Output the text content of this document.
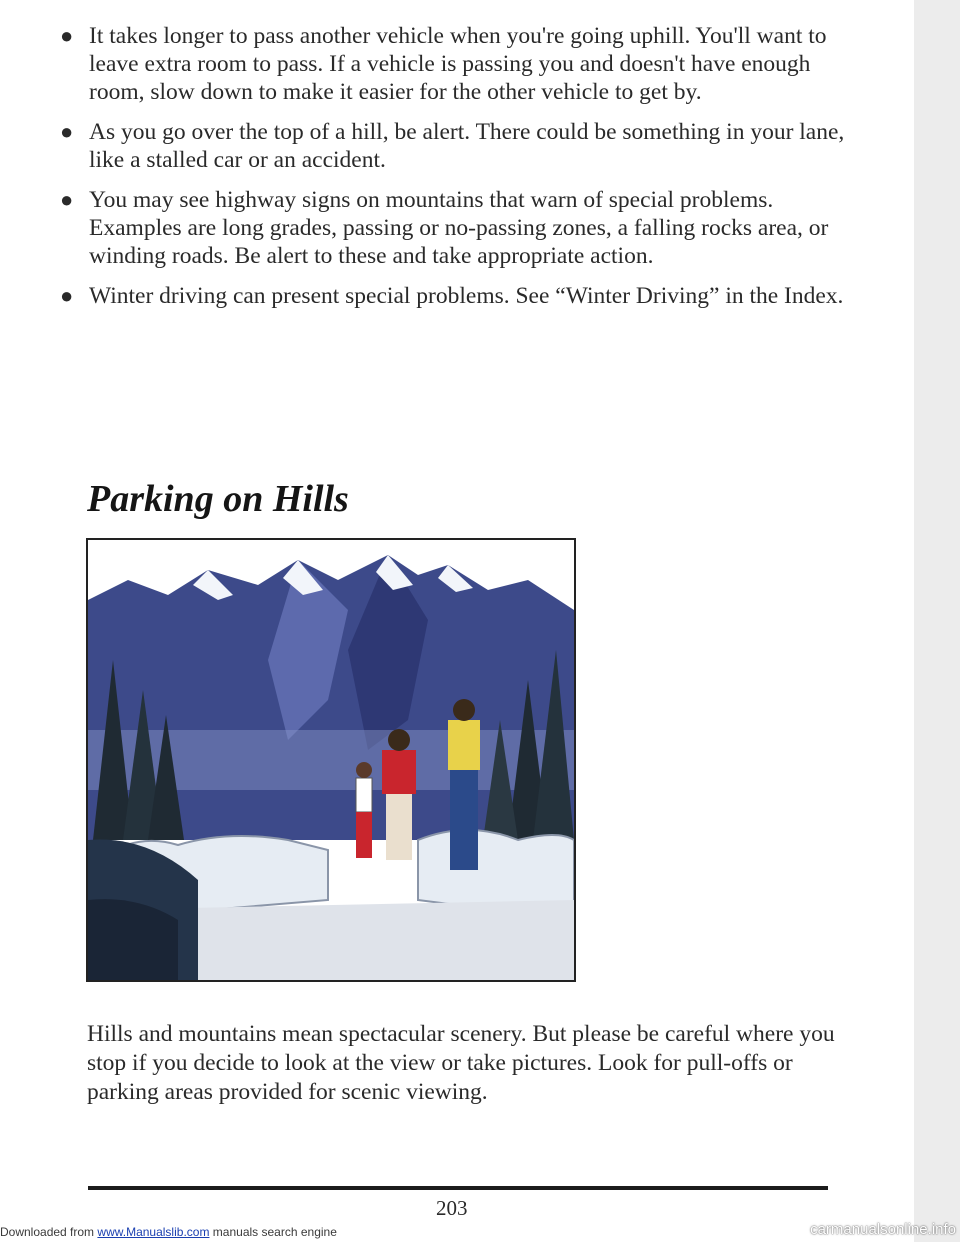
● It takes longer to pass another vehicle when you're going uphill. You'll want to leave extra room to pass. If a vehicle is passing you and doesn't have enough room, slow down to make it easier for the other vehicle to get by.
● As you go over the top of a hill, be alert. There could be something in your lane, like a stalled car or an accident.
● You may see highway signs on mountains that warn of special problems. Examples are long grades, passing or no-passing zones, a falling rocks area, or winding roads. Be alert to these and take appropriate action.
● Winter driving can present special problems. See “Winter Driving” in the Index.
Parking on Hills

Hills and mountains mean spectacular scenery. But please be careful where you stop if you decide to look at the view or take pictures. Look for pull-offs or parking areas provided for scenic viewing.

203
Downloaded from www.Manualslib.com manuals search engine	carmanualsonline.info
